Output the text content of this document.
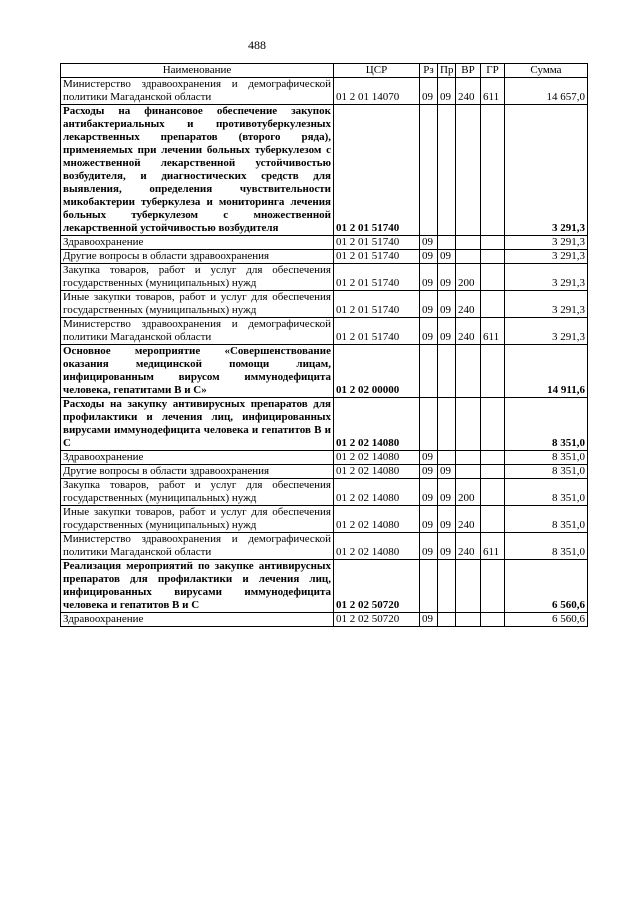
488
Наименование	ЦСР	Рз	Пр	ВР	ГР	Сумма
Министерство здравоохранения и демографической политики Магаданской области	01 2 01 14070	09	09	240	611	14 657,0
Расходы на финансовое обеспечение закупок антибактериальных и противотуберкулезных лекарственных препаратов (второго ряда), применяемых при лечении больных туберкулезом с множественной лекарственной устойчивостью возбудителя, и диагностических средств для выявления, определения чувствительности микобактерии туберкулеза и мониторинга лечения больных туберкулезом с множественной лекарственной устойчивостью возбудителя	01 2 01 51740					3 291,3
Здравоохранение	01 2 01 51740	09				3 291,3
Другие вопросы в области здравоохранения	01 2 01 51740	09	09			3 291,3
Закупка товаров, работ и услуг для обеспечения государственных (муниципальных) нужд	01 2 01 51740	09	09	200		3 291,3
Иные закупки товаров, работ и услуг для обеспечения государственных (муниципальных) нужд	01 2 01 51740	09	09	240		3 291,3
Министерство здравоохранения и демографической политики Магаданской области	01 2 01 51740	09	09	240	611	3 291,3
Основное мероприятие «Совершенствование оказания медицинской помощи лицам, инфицированным вирусом иммунодефицита человека, гепатитами B и C»	01 2 02 00000					14 911,6
Расходы на закупку антивирусных препаратов для профилактики и лечения лиц, инфицированных вирусами иммунодефицита человека и гепатитов B и C	01 2 02 14080					8 351,0
Здравоохранение	01 2 02 14080	09				8 351,0
Другие вопросы в области здравоохранения	01 2 02 14080	09	09			8 351,0
Закупка товаров, работ и услуг для обеспечения государственных (муниципальных) нужд	01 2 02 14080	09	09	200		8 351,0
Иные закупки товаров, работ и услуг для обеспечения государственных (муниципальных) нужд	01 2 02 14080	09	09	240		8 351,0
Министерство здравоохранения и демографической политики Магаданской области	01 2 02 14080	09	09	240	611	8 351,0
Реализация мероприятий по закупке антивирусных препаратов для профилактики и лечения лиц, инфицированных вирусами иммунодефицита человека и гепатитов B и C	01 2 02 50720					6 560,6
Здравоохранение	01 2 02 50720	09				6 560,6
